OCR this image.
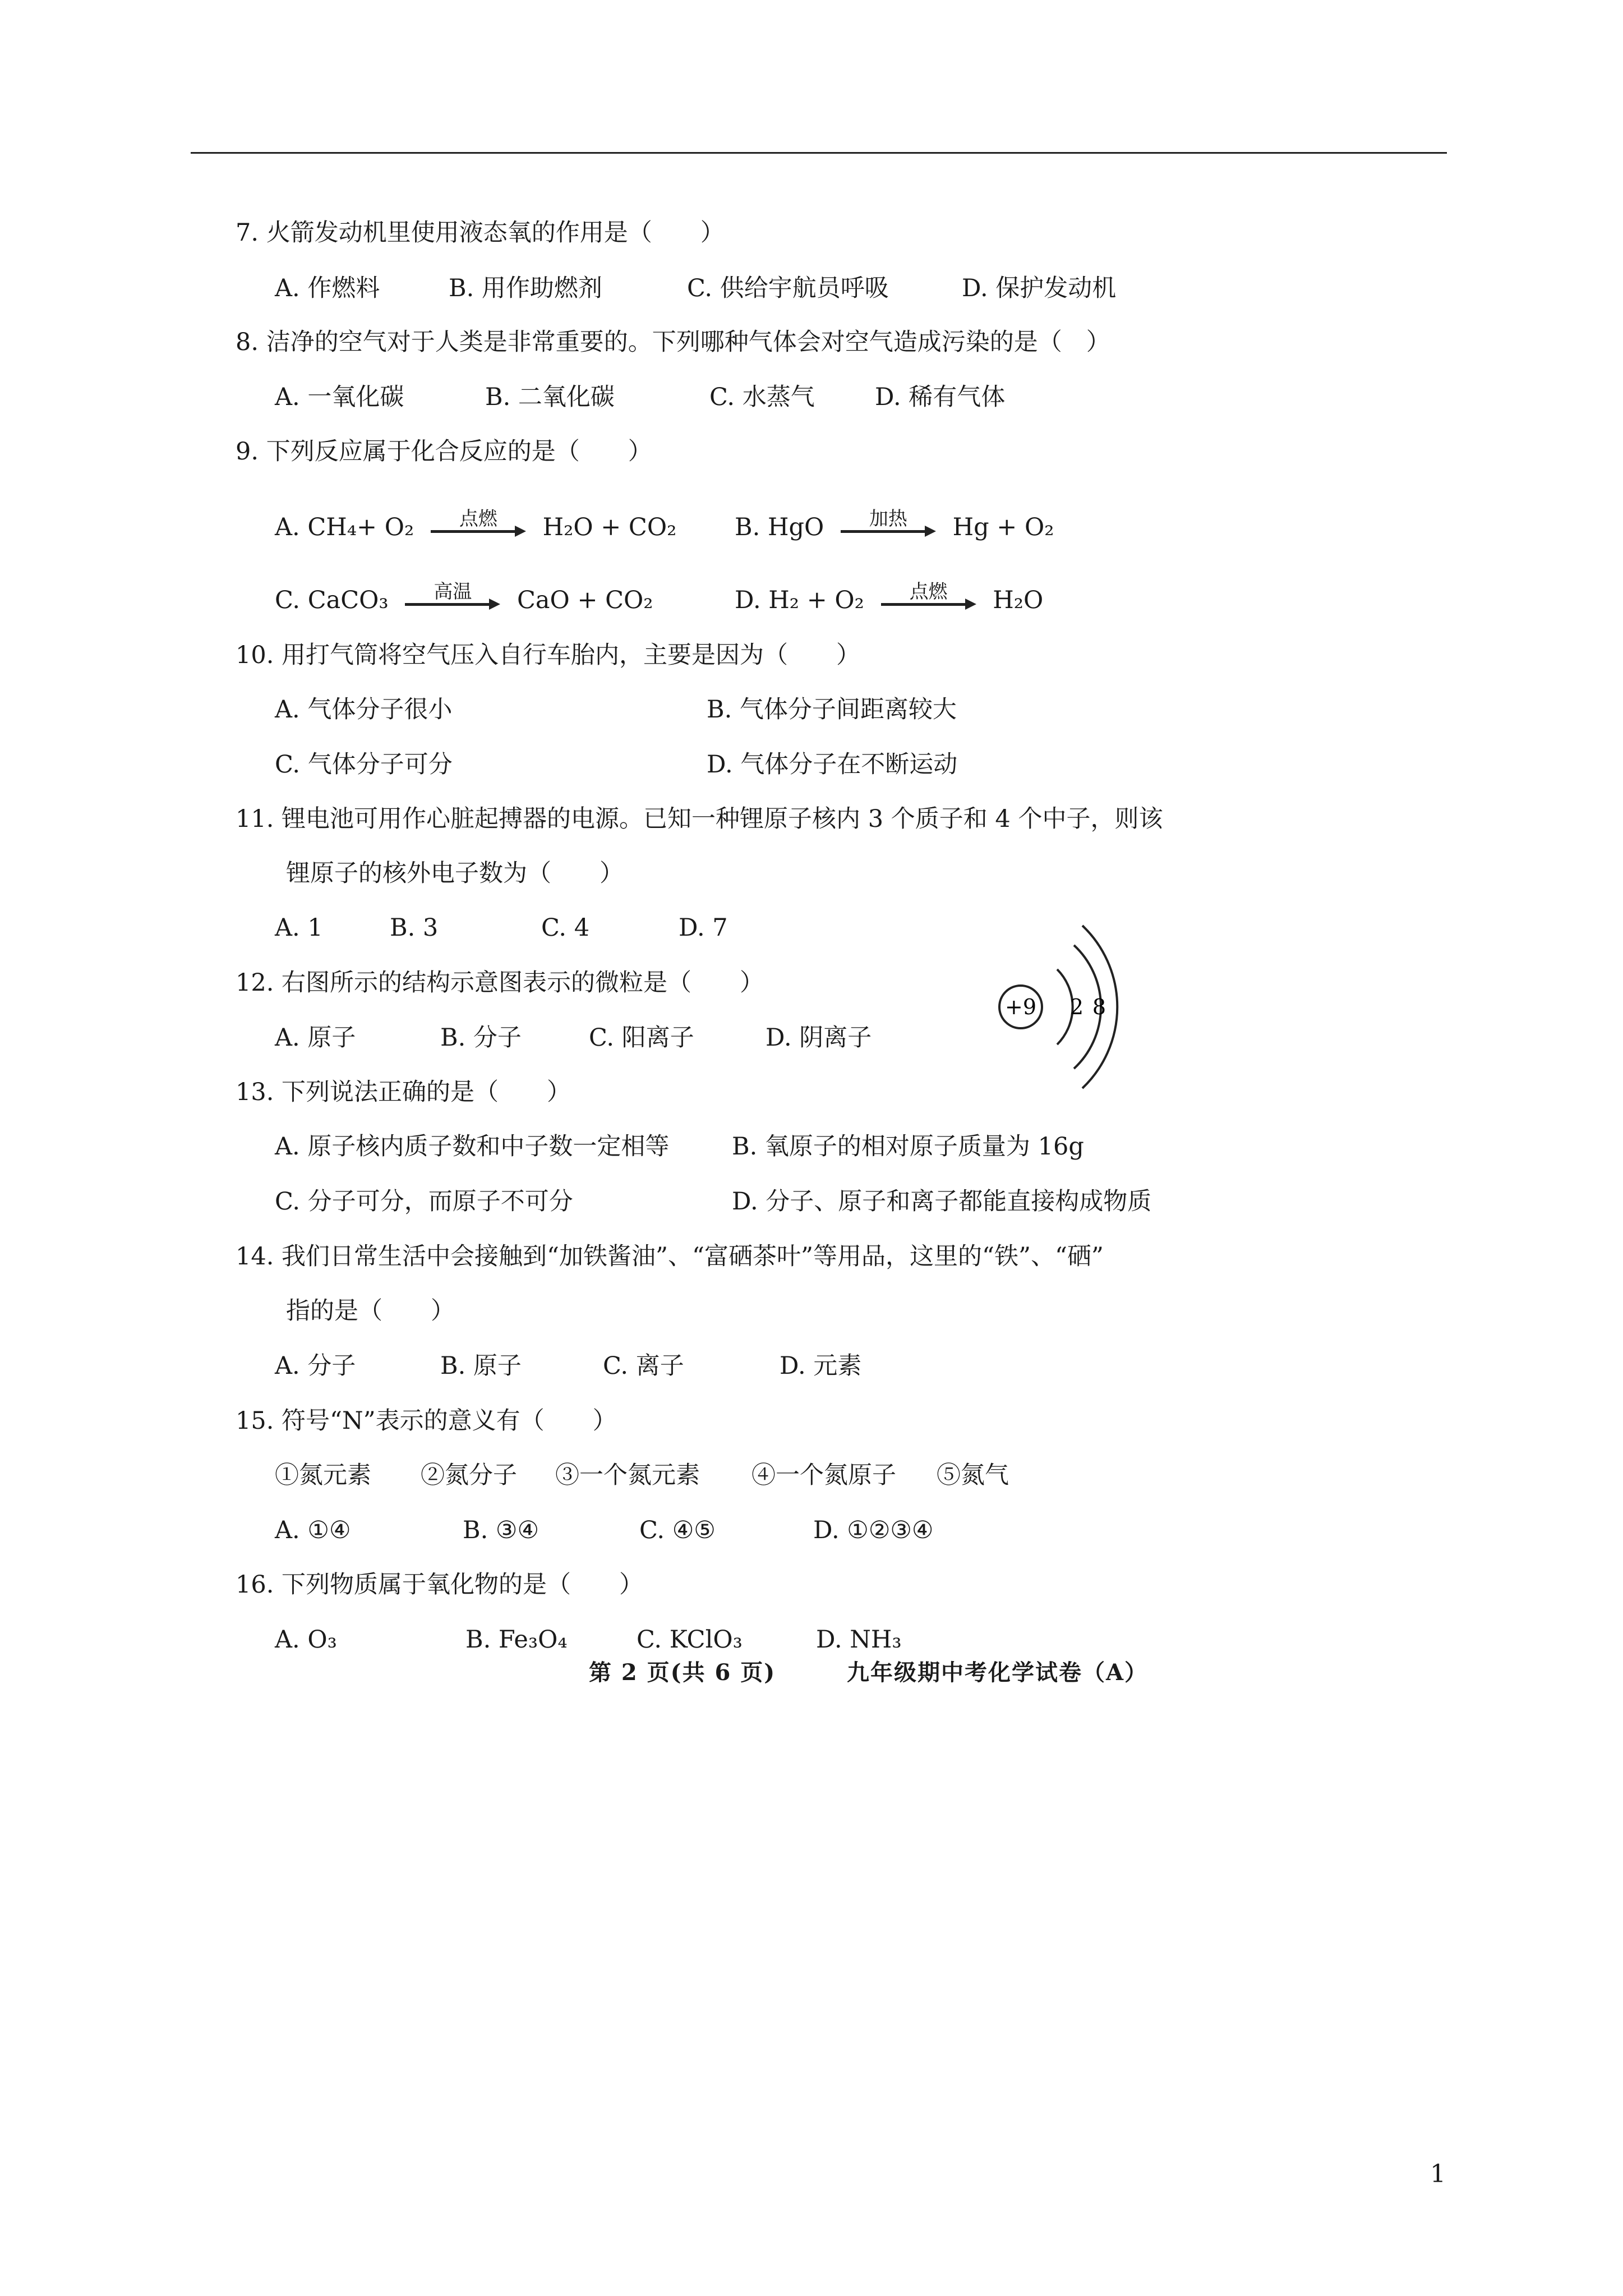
7. 火箭发动机里使用液态氧的作用是（　　）
A. 作燃料	B. 用作助燃剂	C. 供给宇航员呼吸	D. 保护发动机
8. 洁净的空气对于人类是非常重要的。下列哪种气体会对空气造成污染的是（　）
A. 一氧化碳	B. 二氧化碳	C. 水蒸气 D. 稀有气体
9. 下列反应属于化合反应的是（　　）
A. CH₄+ O₂	点燃	H₂O + CO₂ B. HgO	加热	Hg + O₂
C. CaCO₃	高温	CaO + CO₂	D. H₂ + O₂	点燃	H₂O
10. 用打气筒将空气压入自行车胎内，主要是因为（　　）
A. 气体分子很小	B. 气体分子间距离较大
C. 气体分子可分	D. 气体分子在不断运动
11. 锂电池可用作心脏起搏器的电源。已知一种锂原子核内 3 个质子和 4 个中子，则该
锂原子的核外电子数为（　　）
A. 1	B. 3	C. 4	D. 7
12. 右图所示的结构示意图表示的微粒是（　　）
A. 原子	B. 分子	C. 阳离子	D. 阴离子
+9 2 8
13. 下列说法正确的是（　　）
A. 原子核内质子数和中子数一定相等	B. 氧原子的相对原子质量为 16g
C. 分子可分，而原子不可分	D. 分子、原子和离子都能直接构成物质
14. 我们日常生活中会接触到“加铁酱油”、“富硒茶叶”等用品，这里的“铁”、“硒”
指的是（　　）
A. 分子	B. 原子	C. 离子	D. 元素
15. 符号“N”表示的意义有（　　）
①氮元素 ②氮分子 ③一个氮元素 ④一个氮原子 ⑤氮气
A. ①④	B. ③④	C. ④⑤	D. ①②③④
16. 下列物质属于氧化物的是（　　）
A. O₃	B. Fe₃O₄	C. KClO₃	D. NH₃
第 2 页(共 6 页)	九年级期中考化学试卷（A）
1
